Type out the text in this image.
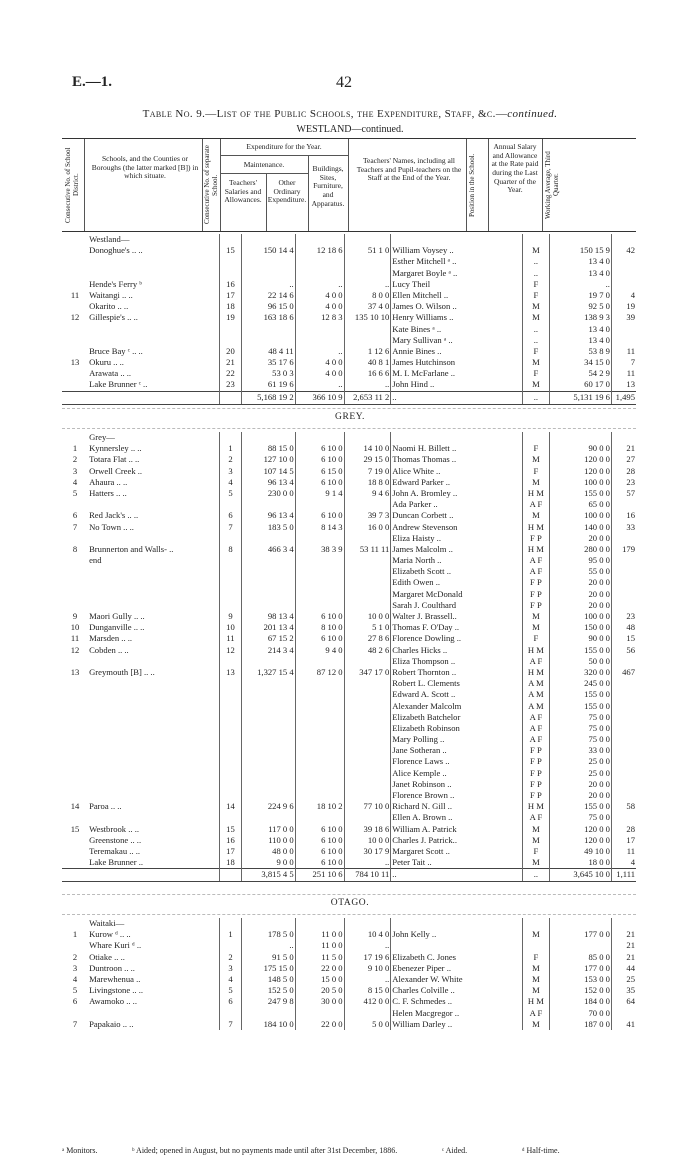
E.—1.	42
Table No. 9.—List of the Public Schools, the Expenditure, Staff, &c.—continued.
WESTLAND—continued.
Consecutive No. of School District.
Schools, and the Counties or Boroughs (the latter marked [B]) in which situate.	Consecutive No. of separate School.
Expenditure for the Year.
Maintenance.
Teachers' Salaries and Allowances.
Other Ordinary Expenditure.
Buildings, Sites, Furniture, and Apparatus.
Teachers' Names, including all Teachers and Pupil-teachers on the Staff at the End of the Year.	Position in the School.
Annual Salary and Allowance at the Rate paid during the Last Quarter of the Year.	Working Average, Third Quarter.
	Westland—								
	Donoghue's .. ..	15	150 14 4	12 18 6	51 1 0	William Voysey ..	M	150 15 9	42
						Esther Mitchell ᵃ ..	..	13 4 0	
						Margaret Boyle ᵃ ..	..	13 4 0	
	Hende's Ferry ᵇ	16	..	..	..	Lucy Theil	F	..	
11	Waitangi .. ..	17	22 14 6	4 0 0	8 0 0	Ellen Mitchell ..	F	19 7 0	4
	Okarito .. ..	18	96 15 0	4 0 0	37 4 0	James O. Wilson ..	M	92 5 0	19
12	Gillespie's .. ..	19	163 18 6	12 8 3	135 10 10	Henry Williams ..	M	138 9 3	39
						Kate Bines ᵃ ..	..	13 4 0	
						Mary Sullivan ᵃ ..	..	13 4 0	
	Bruce Bay ᶜ .. ..	20	48 4 11	..	1 12 6	Annie Bines ..	F	53 8 9	11
13	Okuru .. ..	21	35 17 6	4 0 0	40 8 1	James Hutchinson	M	34 15 0	7
	Arawata .. ..	22	53 0 3	4 0 0	16 6 6	M. I. McFarlane ..	F	54 2 9	11
	Lake Brunner ᶜ ..	23	61 19 6	..	..	John Hind ..	M	60 17 0	13
			5,168 19 2	366 10 9	2,653 11 2	..	..	5,131 19 6	1,495
GREY.
	Grey—								
1	Kynnersley .. ..	1	88 15 0	6 10 0	14 10 0	Naomi H. Billett ..	F	90 0 0	21
2	Totara Flat .. ..	2	127 10 0	6 10 0	29 15 0	Thomas Thomas ..	M	120 0 0	27
3	Orwell Creek ..	3	107 14 5	6 15 0	7 19 0	Alice White ..	F	120 0 0	28
4	Ahaura .. ..	4	96 13 4	6 10 0	18 8 0	Edward Parker ..	M	100 0 0	23
5	Hatters .. ..	5	230 0 0	9 1 4	9 4 6	John A. Bromley ..	H M	155 0 0	57
						Ada Parker ..	A F	65 0 0	
6	Red Jack's .. ..	6	96 13 4	6 10 0	39 7 3	Duncan Corbett ..	M	100 0 0	16
7	No Town .. ..	7	183 5 0	8 14 3	16 0 0	Andrew Stevenson	H M	140 0 0	33
						Eliza Haisty ..	F P	20 0 0	
8	Brunnerton and Walls- ..	8	466 3 4	38 3 9	53 11 11	James Malcolm ..	H M	280 0 0	179
	end					Maria North ..	A F	95 0 0	
						Elizabeth Scott ..	A F	55 0 0	
						Edith Owen ..	F P	20 0 0	
						Margaret McDonald	F P	20 0 0	
						Sarah J. Coulthard	F P	20 0 0	
9	Maori Gully .. ..	9	98 13 4	6 10 0	10 0 0	Walter J. Brassell..	M	100 0 0	23
10	Dunganville .. ..	10	201 13 4	8 10 0	5 1 0	Thomas F. O'Day ..	M	150 0 0	48
11	Marsden .. ..	11	67 15 2	6 10 0	27 8 6	Florence Dowling ..	F	90 0 0	15
12	Cobden .. ..	12	214 3 4	9 4 0	48 2 6	Charles Hicks ..	H M	155 0 0	56
						Eliza Thompson ..	A F	50 0 0	
13	Greymouth [B] .. ..	13	1,327 15 4	87 12 0	347 17 0	Robert Thornton ..	H M	320 0 0	467
						Robert L. Clements	A M	245 0 0	
						Edward A. Scott ..	A M	155 0 0	
						Alexander Malcolm	A M	155 0 0	
						Elizabeth Batchelor	A F	75 0 0	
						Elizabeth Robinson	A F	75 0 0	
						Mary Polling ..	A F	75 0 0	
						Jane Sotheran ..	F P	33 0 0	
						Florence Laws ..	F P	25 0 0	
						Alice Kemple ..	F P	25 0 0	
						Janet Robinson ..	F P	20 0 0	
						Florence Brown ..	F P	20 0 0	
14	Paroa .. ..	14	224 9 6	18 10 2	77 10 0	Richard N. Gill ..	H M	155 0 0	58
						Ellen A. Brown ..	A F	75 0 0	
15	Westbrook .. ..	15	117 0 0	6 10 0	39 18 6	William A. Patrick	M	120 0 0	28
	Greenstone .. ..	16	110 0 0	6 10 0	10 0 0	Charles J. Patrick..	M	120 0 0	17
	Teremakau .. ..	17	48 0 0	6 10 0	30 17 9	Margaret Scott ..	F	49 10 0	11
	Lake Brunner ..	18	9 0 0	6 10 0	..	Peter Tait ..	M	18 0 0	4
			3,815 4 5	251 10 6	784 10 11	..	..	3,645 10 0	1,111
OTAGO.
	Waitaki—								
1	Kurow ᵈ .. ..	1	178 5 0	11 0 0	10 4 0	John Kelly ..	M	177 0 0	21
	Whare Kuri ᵈ ..		..	11 0 0	..				21
2	Otiake .. ..	2	91 5 0	11 5 0	17 19 6	Elizabeth C. Jones	F	85 0 0	21
3	Duntroon .. ..	3	175 15 0	22 0 0	9 10 0	Ebenezer Piper ..	M	177 0 0	44
4	Marewhenua ..	4	148 5 0	15 0 0	..	Alexander W. White	M	153 0 0	25
5	Livingstone .. ..	5	152 5 0	20 5 0	8 15 0	Charles Colville ..	M	152 0 0	35
6	Awamoko .. ..	6	247 9 8	30 0 0	412 0 0	C. F. Schmedes ..	H M	184 0 0	64
						Helen Macgregor ..	A F	70 0 0	
7	Papakaio .. ..	7	184 10 0	22 0 0	5 0 0	William Darley ..	M	187 0 0	41
ᵃ Monitors.	ᵇ Aided; opened in August, but no payments made until after 31st December, 1886.	ᶜ Aided.	ᵈ Half-time.
